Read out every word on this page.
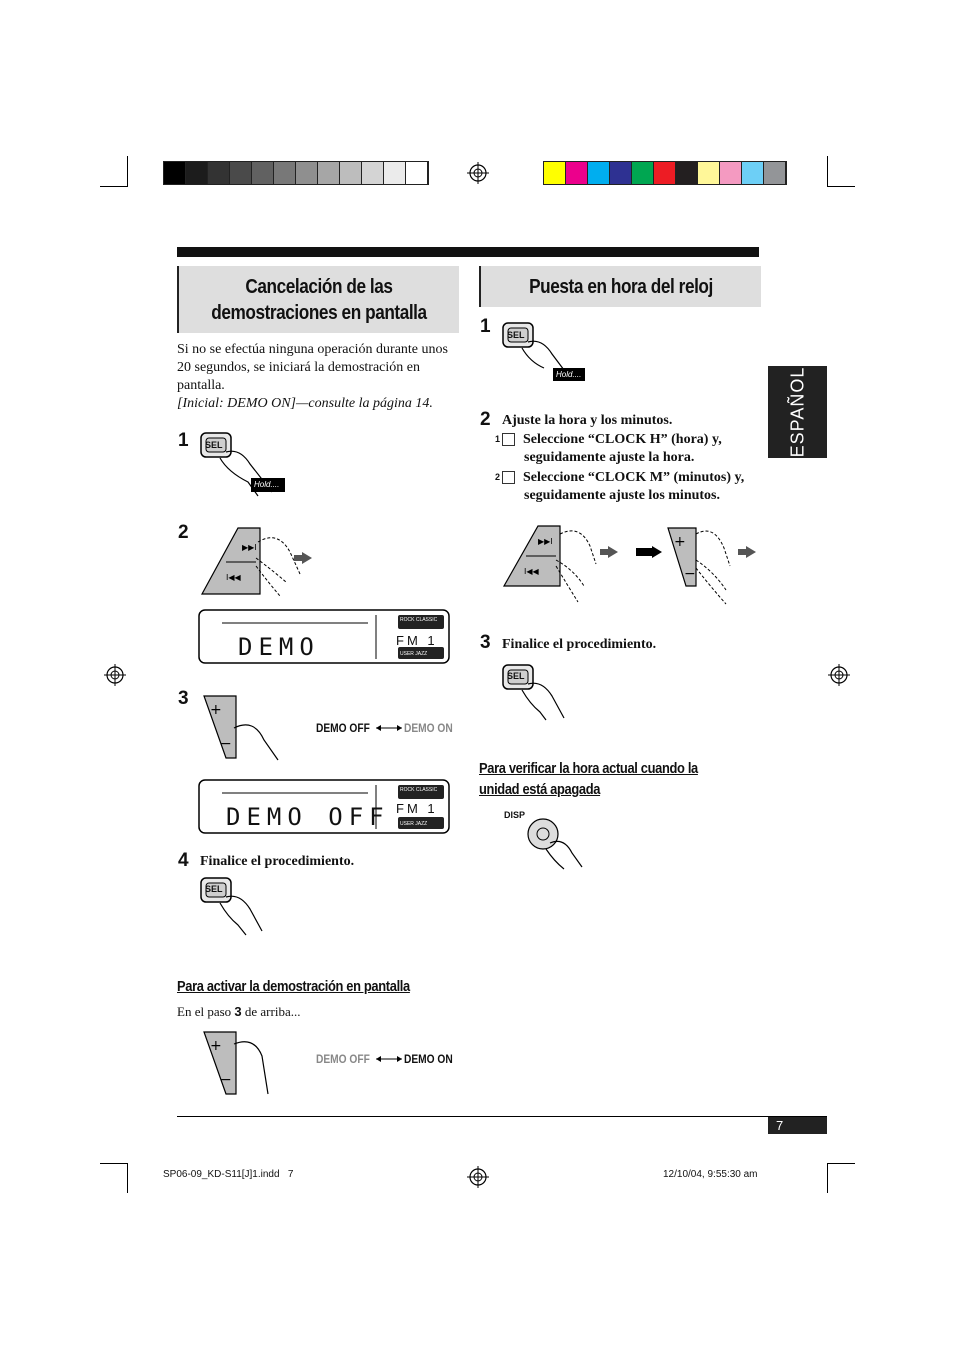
Cancelación de las
demostraciones en pantalla
Puesta en hora del reloj
ESPAÑOL
Si no se efectúa ninguna operación durante unos 20 segundos, se iniciará la demostración en pantalla.
[Inicial: DEMO ON]—consulte la página 14.
1 SEL
Hold....
2
▶▶I
I◀◀
DEMO	FM 1
ROCK CLASSIC
USER JAZZ
3
+
−
DEMO OFF	DEMO ON
DEMO OFF FM 1
ROCK CLASSIC
USER JAZZ
4 Finalice el procedimiento.
SEL
Para activar la demostración en pantalla
En el paso 3 de arriba...
+
−
DEMO OFF	DEMO ON
1 SEL
Hold....
2 Ajuste la hora y los minutos.
1 Seleccione “CLOCK H” (hora) y, seguidamente ajuste la hora.
2 Seleccione “CLOCK M” (minutos) y, seguidamente ajuste los minutos.
▶▶I
I◀◀
+
−
3 Finalice el procedimiento.
SEL
Para verificar la hora actual cuando la
unidad está apagada
DISP
7
SP06-09_KD-S11[J]1.indd   7	12/10/04, 9:55:30 am
